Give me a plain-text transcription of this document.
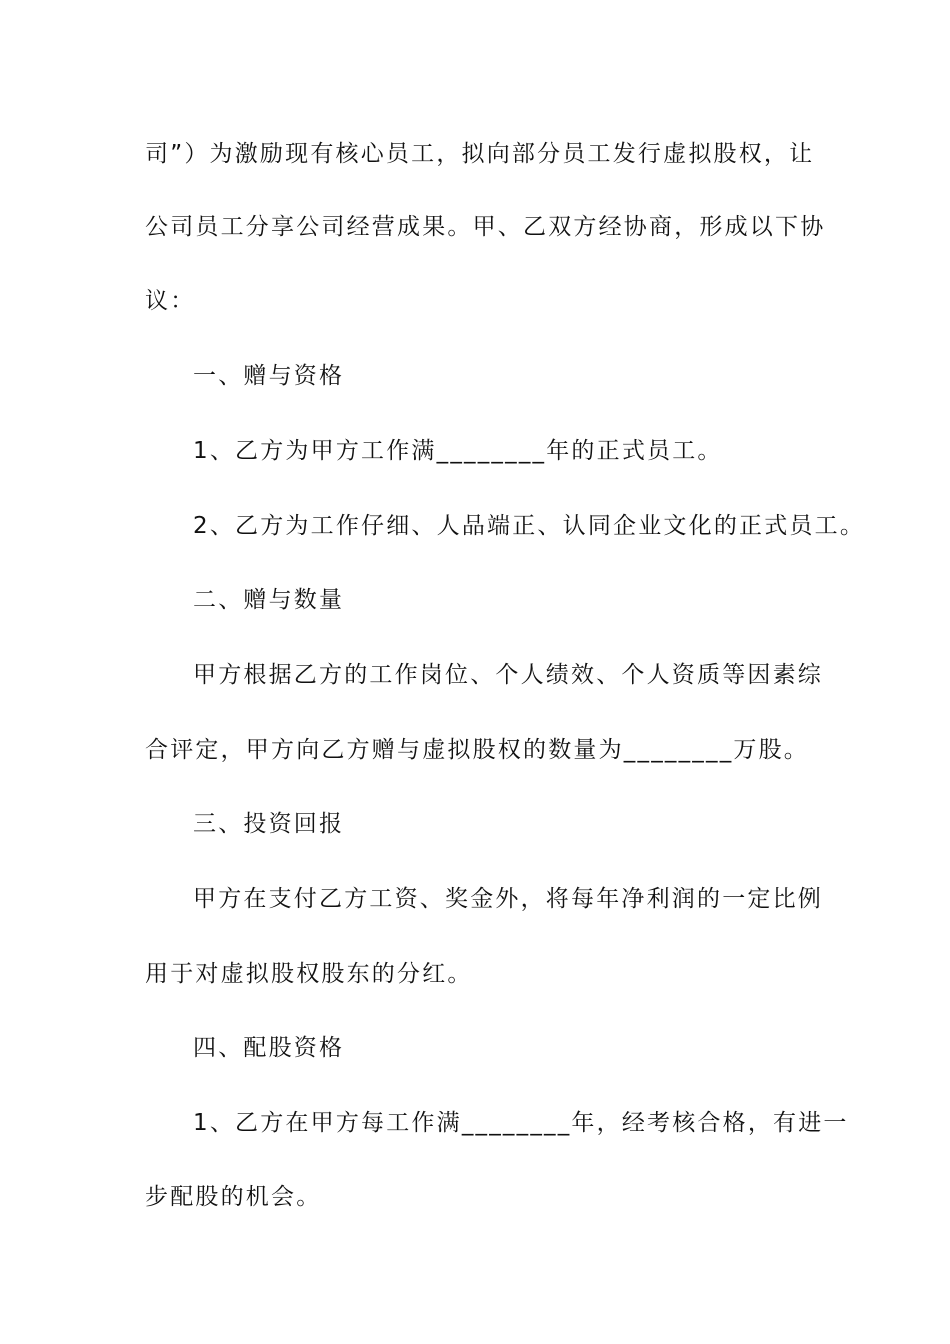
司”）为激励现有核心员工，拟向部分员工发行虚拟股权，让
公司员工分享公司经营成果。甲、乙双方经协商，形成以下协
议：
一、赠与资格
1、乙方为甲方工作满________年的正式员工。
2、乙方为工作仔细、人品端正、认同企业文化的正式员工。
二、赠与数量
甲方根据乙方的工作岗位、个人绩效、个人资质等因素综
合评定，甲方向乙方赠与虚拟股权的数量为________万股。
三、投资回报
甲方在支付乙方工资、奖金外，将每年净利润的一定比例
用于对虚拟股权股东的分红。
四、配股资格
1、乙方在甲方每工作满________年，经考核合格，有进一
步配股的机会。
